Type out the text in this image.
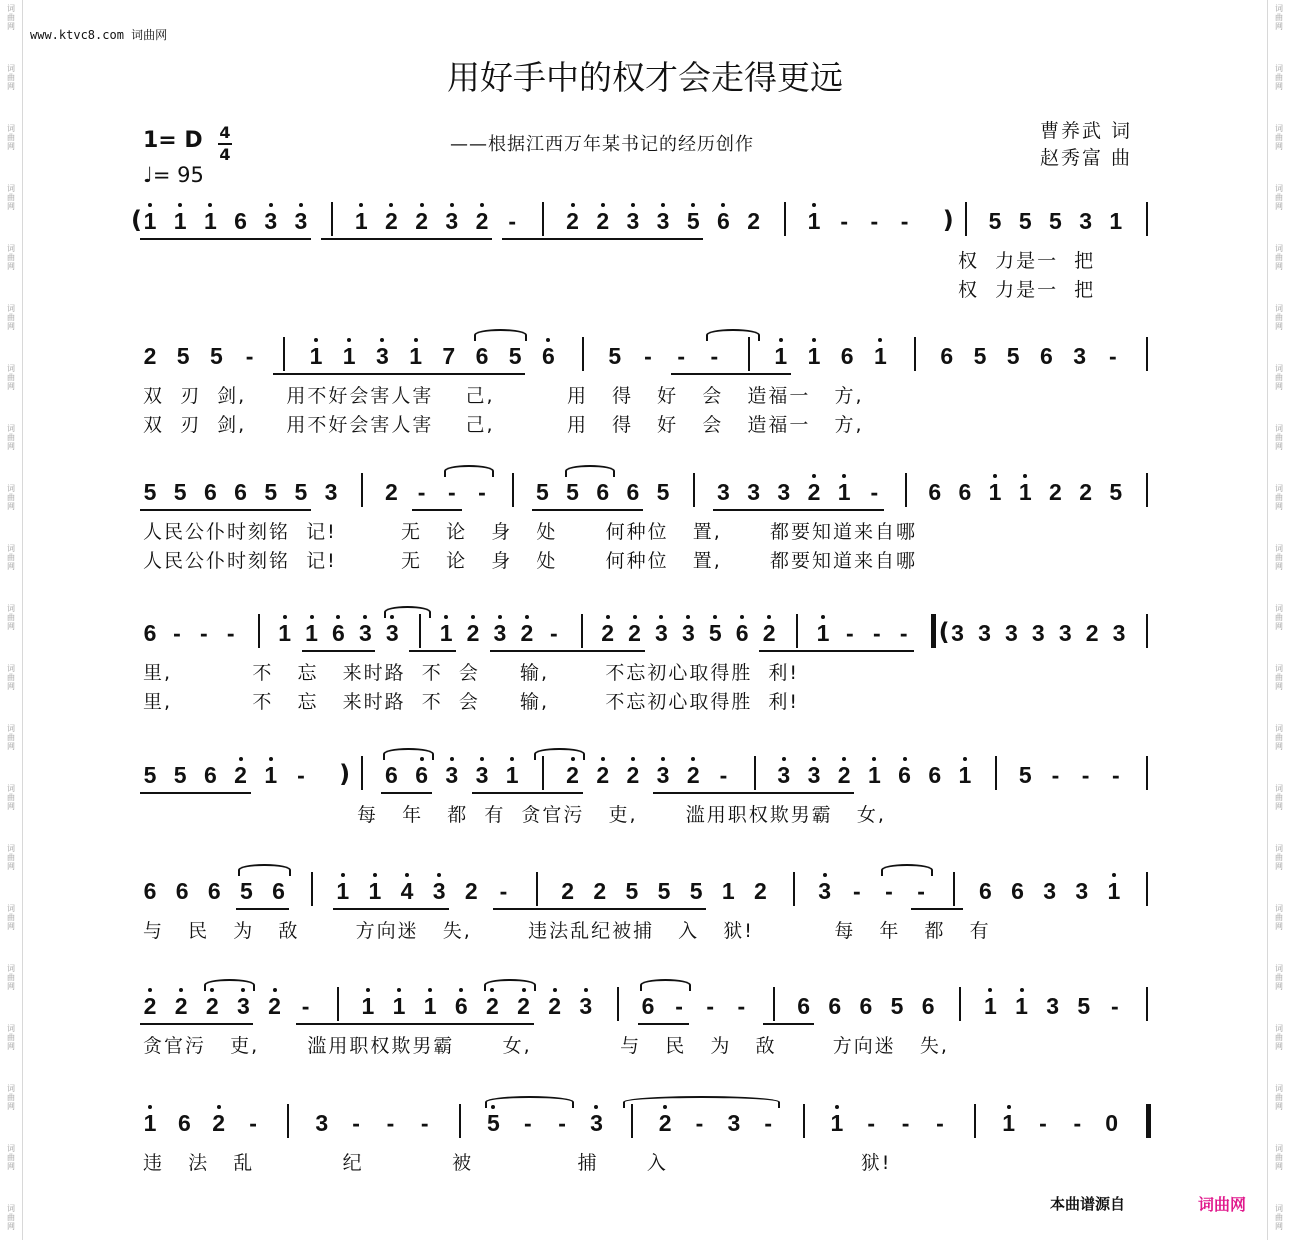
词
曲
网
词
曲
网
词
曲
网
词
曲
网
词
曲
网
词
曲
网
词
曲
网
词
曲
网
词
曲
网
词
曲
网
词
曲
网
词
曲
网
词
曲
网
词
曲
网
词
曲
网
词
曲
网
词
曲
网
词
曲
网
词
曲
网
词
曲
网
词
曲
网
词
曲
网
词
曲
网
词
曲
网
词
曲
网
词
曲
网
词
曲
网
词
曲
网
词
曲
网
词
曲
网
词
曲
网
词
曲
网
词
曲
网
词
曲
网
词
曲
网
词
曲
网
词
曲
网
词
曲
网
词
曲
网
词
曲
网
词
曲
网
词
曲
网
www.ktvc8.com 词曲网
用好手中的权才会走得更远
——根据江西万年某书记的经历创作
曹养武 词
赵秀富 曲
1= D 4
4
♩= 95
( 1 1 1 6 3 3 1 2 2 3 2 -	2 2 3 3 5 6 2 1 - - - ) 5 5 5 3 1
权  力是一  把
权  力是一  把
2 5 5 -	1 1 3 1 7 6 5 6 5 -	-	-	1 1 6 1 6 5 5 6 3 -
双  刃  剑,     用不好会害人害    己,         用   得   好   会   造福一   方,
双  刃  剑,     用不好会害人害    己,         用   得   好   会   造福一   方,
5 5 6 6 5 5 3 2 - - -	5 5 6 6 5 3 3 3 2 1 -	6 6 1 1 2 2 5
人民公仆时刻铭  记!        无   论   身   处      何种位   置,      都要知道来自哪
人民公仆时刻铭  记!        无   论   身   处      何种位   置,      都要知道来自哪
6 - - -	1 1 6 3 3 1 2 3 2 -	2 2 3 3 5 6 2 1 - - - ( 3 3 3 3 3 2 3
里,          不   忘   来时路  不  会     输,       不忘初心取得胜  利!
里,          不   忘   来时路  不  会     输,       不忘初心取得胜  利!
5 5 6 2 1 - ) 6 6 3 3 1 2 2 2 3 2 -	3 3 2 1 6 6 1 5 - - -
每   年   都  有  贪官污   吏,      滥用职权欺男霸   女,
6 6 6 5 6 1 1 4 3 2 -	2 2 5 5 5 1 2 3 -	-	-	6 6 3 3 1
与   民   为   敌       方向迷   失,       违法乱纪被捕   入   狱!          每   年   都   有
2 2 2 3 2 -	1 1 1 6 2 2 2 3 6 -	-	-	6 6 6 5 6 1 1 3 5 -
贪官污   吏,      滥用职权欺男霸      女,           与   民   为   敌       方向迷   失,
1 6 2	-	3	-	-	-	5	-	-	3 2	-	3	-	1	-	-	-	1	-	-	0
违   法   乱           纪           被             捕      入                        狱!
本曲谱源自	词曲网
